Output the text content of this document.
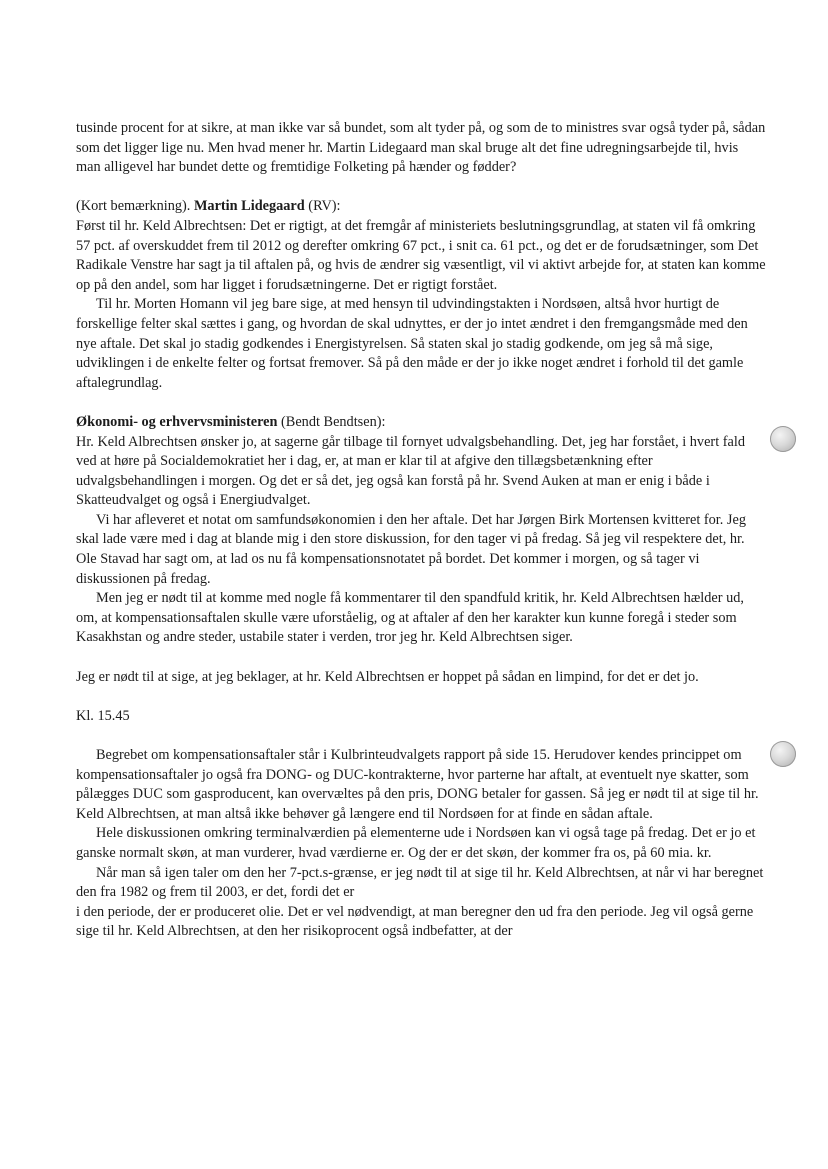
tusinde procent for at sikre, at man ikke var så bundet, som alt tyder på, og som de to ministres svar også tyder på, sådan som det ligger lige nu. Men hvad mener hr. Martin Lidegaard man skal bruge alt det fine udregningsarbejde til, hvis man alligevel har bundet dette og fremtidige Folketing på hænder og fødder?

(Kort bemærkning). Martin Lidegaard (RV):

Først til hr. Keld Albrechtsen: Det er rigtigt, at det fremgår af ministeriets beslutningsgrundlag, at staten vil få omkring 57 pct. af overskuddet frem til 2012 og derefter omkring 67 pct., i snit ca. 61 pct., og det er de forudsætninger, som Det Radikale Venstre har sagt ja til aftalen på, og hvis de ændrer sig væsentligt, vil vi aktivt arbejde for, at staten kan komme op på den andel, som har ligget i forudsætningerne. Det er rigtigt forstået.

Til hr. Morten Homann vil jeg bare sige, at med hensyn til udvindingstakten i Nordsøen, altså hvor hurtigt de forskellige felter skal sættes i gang, og hvordan de skal udnyttes, er der jo intet ændret i den fremgangsmåde med den nye aftale. Det skal jo stadig godkendes i Energistyrelsen. Så staten skal jo stadig godkende, om jeg så må sige, udviklingen i de enkelte felter og fortsat fremover. Så på den måde er der jo ikke noget ændret i forhold til det gamle aftalegrundlag.

Økonomi- og erhvervsministeren (Bendt Bendtsen):

Hr. Keld Albrechtsen ønsker jo, at sagerne går tilbage til fornyet udvalgsbehandling. Det, jeg har forstået, i hvert fald ved at høre på Socialdemokratiet her i dag, er, at man er klar til at afgive den tillægsbetænkning efter udvalgsbehandlingen i morgen. Og det er så det, jeg også kan forstå på hr. Svend Auken at man er enig i både i Skatteudvalget og også i Energiudvalget.

Vi har afleveret et notat om samfundsøkonomien i den her aftale. Det har Jørgen Birk Mortensen kvitteret for. Jeg skal lade være med i dag at blande mig i den store diskussion, for den tager vi på fredag. Så jeg vil respektere det, hr. Ole Stavad har sagt om, at lad os nu få kompensationsnotatet på bordet. Det kommer i morgen, og så tager vi diskussionen på fredag.

Men jeg er nødt til at komme med nogle få kommentarer til den spandfuld kritik, hr. Keld Albrechtsen hælder ud, om, at kompensationsaftalen skulle være uforståelig, og at aftaler af den her karakter kun kunne foregå i steder som Kasakhstan og andre steder, ustabile stater i verden, tror jeg hr. Keld Albrechtsen siger.

Jeg er nødt til at sige, at jeg beklager, at hr. Keld Albrechtsen er hoppet på sådan en limpind, for det er det jo.

Kl. 15.45

Begrebet om kompensationsaftaler står i Kulbrinteudvalgets rapport på side 15. Herudover kendes princippet om kompensationsaftaler jo også fra DONG- og DUC-kontrakterne, hvor parterne har aftalt, at eventuelt nye skatter, som pålægges DUC som gasproducent, kan overvæltes på den pris, DONG betaler for gassen. Så jeg er nødt til at sige til hr. Keld Albrechtsen, at man altså ikke behøver gå længere end til Nordsøen for at finde en sådan aftale.

Hele diskussionen omkring terminalværdien på elementerne ude i Nordsøen kan vi også tage på fredag. Det er jo et ganske normalt skøn, at man vurderer, hvad værdierne er. Og der er det skøn, der kommer fra os, på 60 mia. kr.

Når man så igen taler om den her 7-pct.s-grænse, er jeg nødt til at sige til hr. Keld Albrechtsen, at når vi har beregnet den fra 1982 og frem til 2003, er det, fordi det er

i den periode, der er produceret olie. Det er vel nødvendigt, at man beregner den ud fra den periode. Jeg vil også gerne sige til hr. Keld Albrechtsen, at den her risikoprocent også indbefatter, at der
